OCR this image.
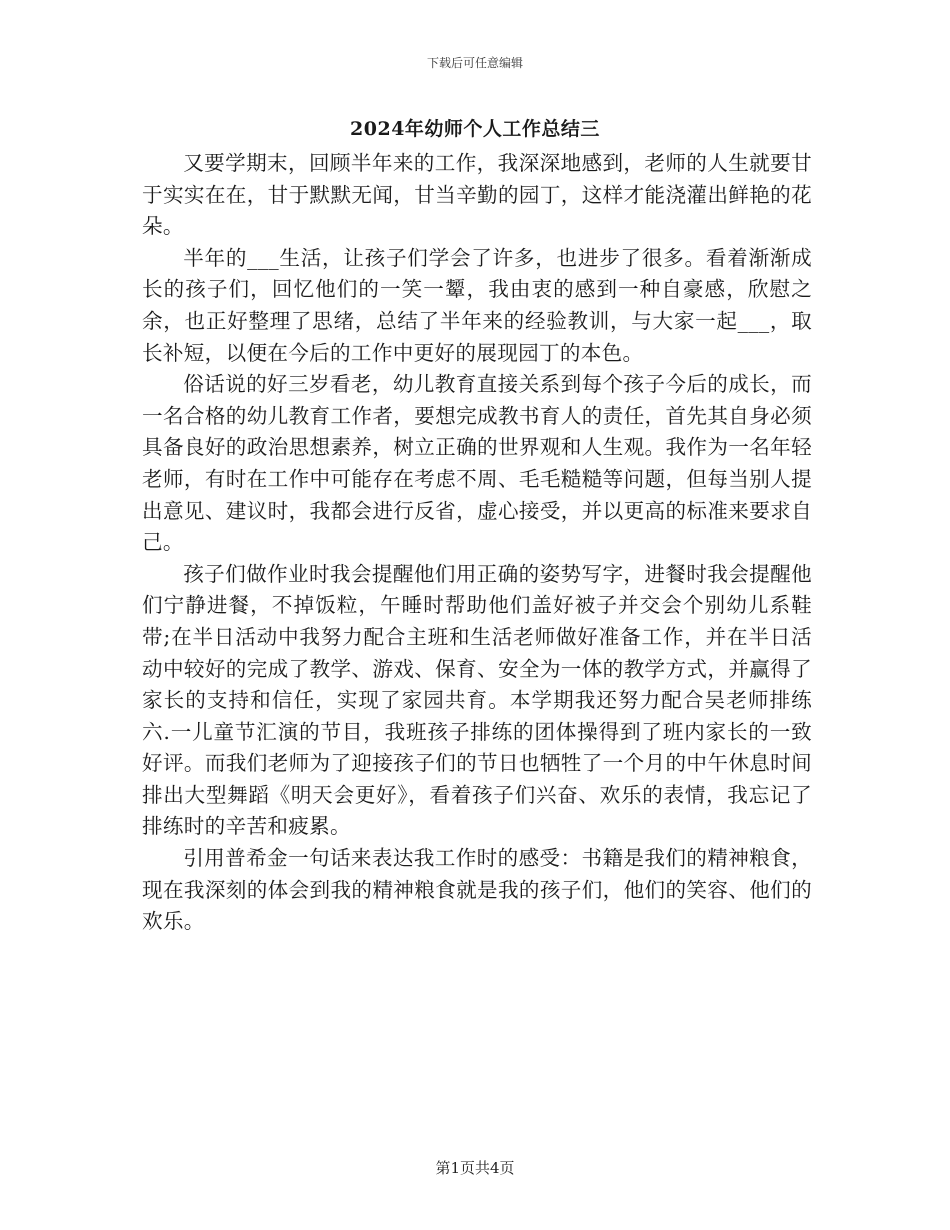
下载后可任意编辑
2024年幼师个人工作总结三

又要学期末，回顾半年来的工作，我深深地感到，老师的人生就要甘于实实在在，甘于默默无闻，甘当辛勤的园丁，这样才能浇灌出鲜艳的花朵。

半年的___生活，让孩子们学会了许多，也进步了很多。看着渐渐成长的孩子们，回忆他们的一笑一颦，我由衷的感到一种自豪感，欣慰之余，也正好整理了思绪，总结了半年来的经验教训，与大家一起___，取长补短，以便在今后的工作中更好的展现园丁的本色。

俗话说的好三岁看老，幼儿教育直接关系到每个孩子今后的成长，而一名合格的幼儿教育工作者，要想完成教书育人的责任，首先其自身必须具备良好的政治思想素养，树立正确的世界观和人生观。我作为一名年轻老师，有时在工作中可能存在考虑不周、毛毛糙糙等问题，但每当别人提出意见、建议时，我都会进行反省，虚心接受，并以更高的标准来要求自己。

孩子们做作业时我会提醒他们用正确的姿势写字，进餐时我会提醒他们宁静进餐，不掉饭粒，午睡时帮助他们盖好被子并交会个别幼儿系鞋带;在半日活动中我努力配合主班和生活老师做好准备工作，并在半日活动中较好的完成了教学、游戏、保育、安全为一体的教学方式，并赢得了家长的支持和信任，实现了家园共育。本学期我还努力配合吴老师排练六.一儿童节汇演的节目，我班孩子排练的团体操得到了班内家长的一致好评。而我们老师为了迎接孩子们的节日也牺牲了一个月的中午休息时间排出大型舞蹈《明天会更好》，看着孩子们兴奋、欢乐的表情，我忘记了排练时的辛苦和疲累。

引用普希金一句话来表达我工作时的感受：书籍是我们的精神粮食，现在我深刻的体会到我的精神粮食就是我的孩子们，他们的笑容、他们的欢乐。

第1页共4页
